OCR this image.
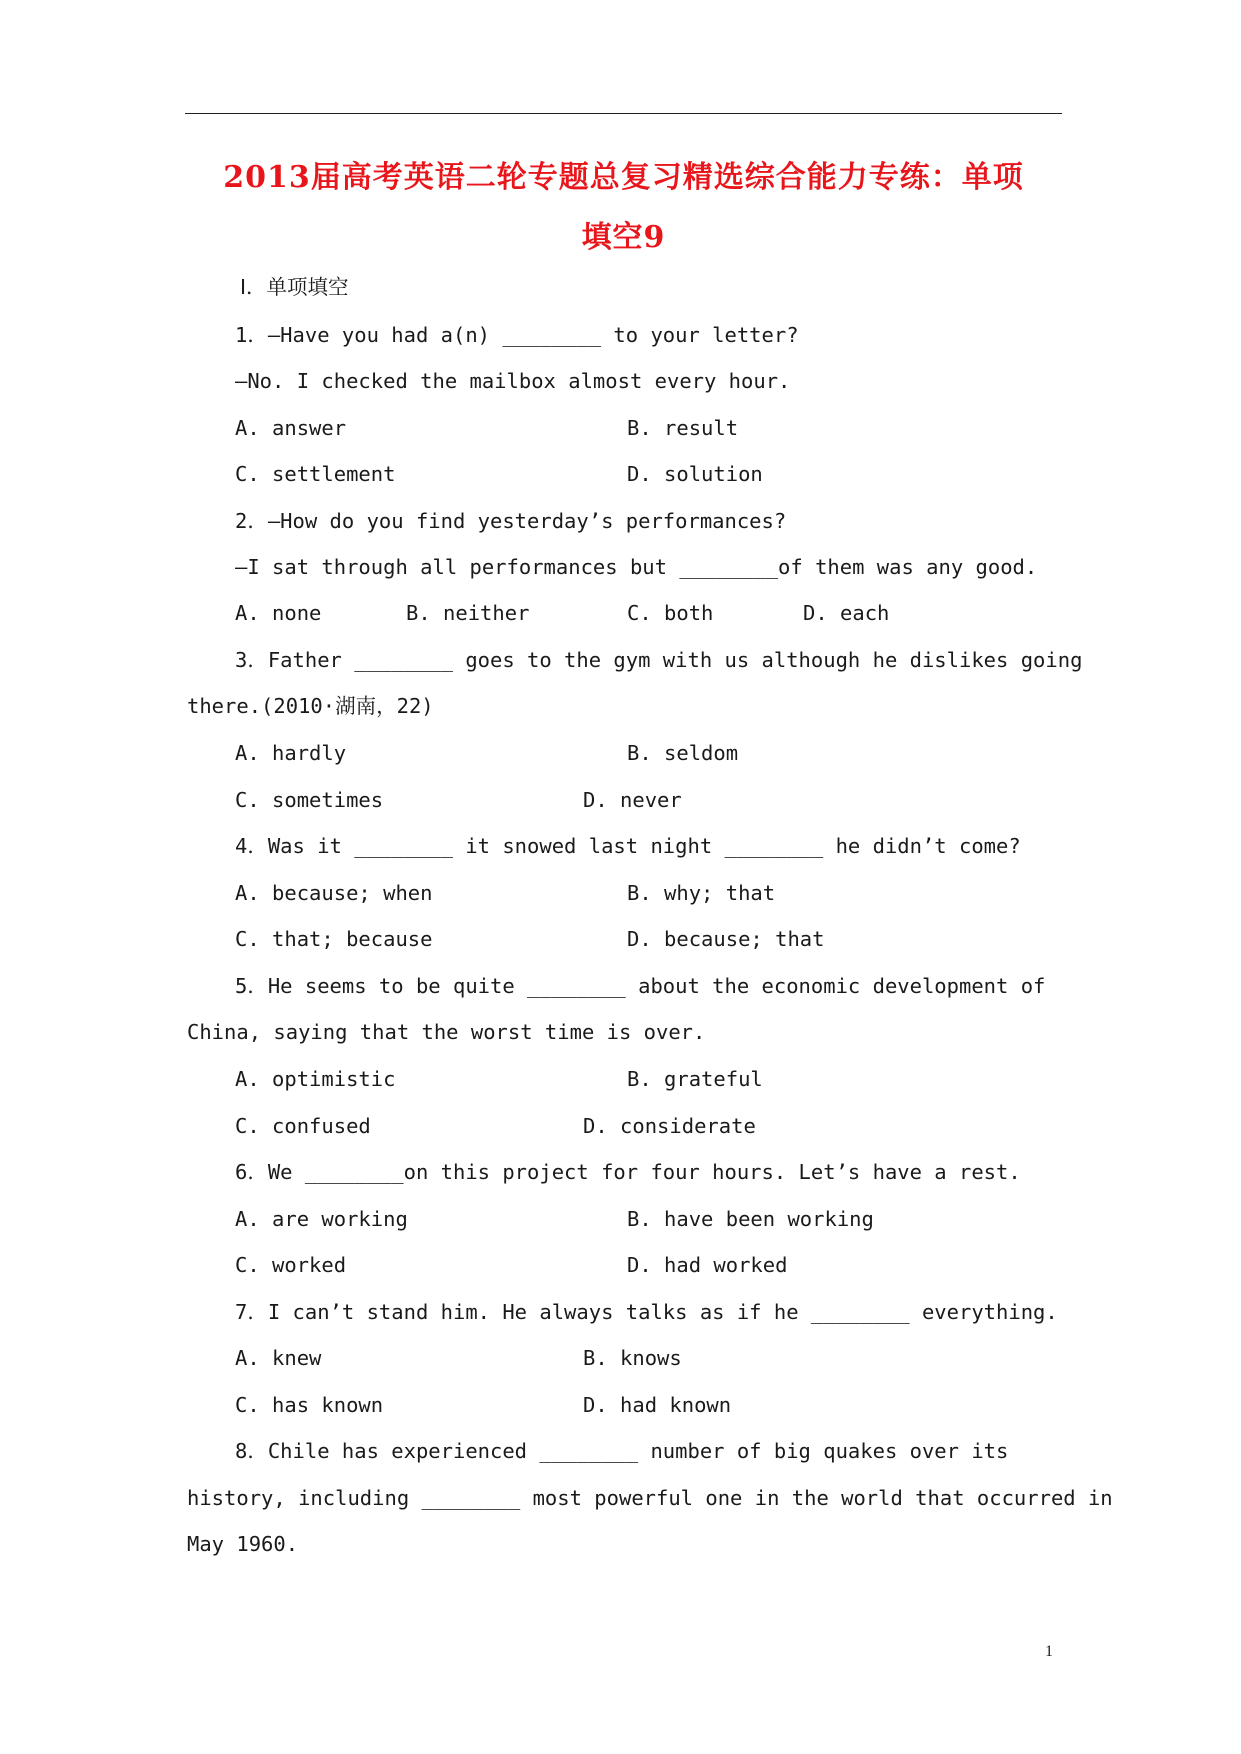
2013届高考英语二轮专题总复习精选综合能力专练：单项
填空9
Ⅰ．单项填空
1．—Have you had a(n) ________ to your letter?
—No. I checked the mailbox almost every hour.
A. answer	B. result
C. settlement	D. solution
2．—How do you find yesterday’s performances?
—I sat through all performances but ________of them was any good.
A. none	B. neither	C. both	D. each
3．Father ________ goes to the gym with us although he dislikes going
there.(2010·湖南，22)
A. hardly	B. seldom
C. sometimes	D. never
4．Was it ________ it snowed last night ________ he didn’t come?
A. because; when	B. why; that
C. that; because	D. because; that
5．He seems to be quite ________ about the economic development of
China, saying that the worst time is over.
A. optimistic	B. grateful
C. confused	D. considerate
6．We ________on this project for four hours. Let’s have a rest.
A. are working	B. have been working
C. worked	D. had worked
7．I can’t stand him. He always talks as if he ________ everything.
A. knew	B. knows
C. has known	D. had known
8．Chile has experienced ________ number of big quakes over its
history, including ________ most powerful one in the world that occurred in
May 1960.
1
